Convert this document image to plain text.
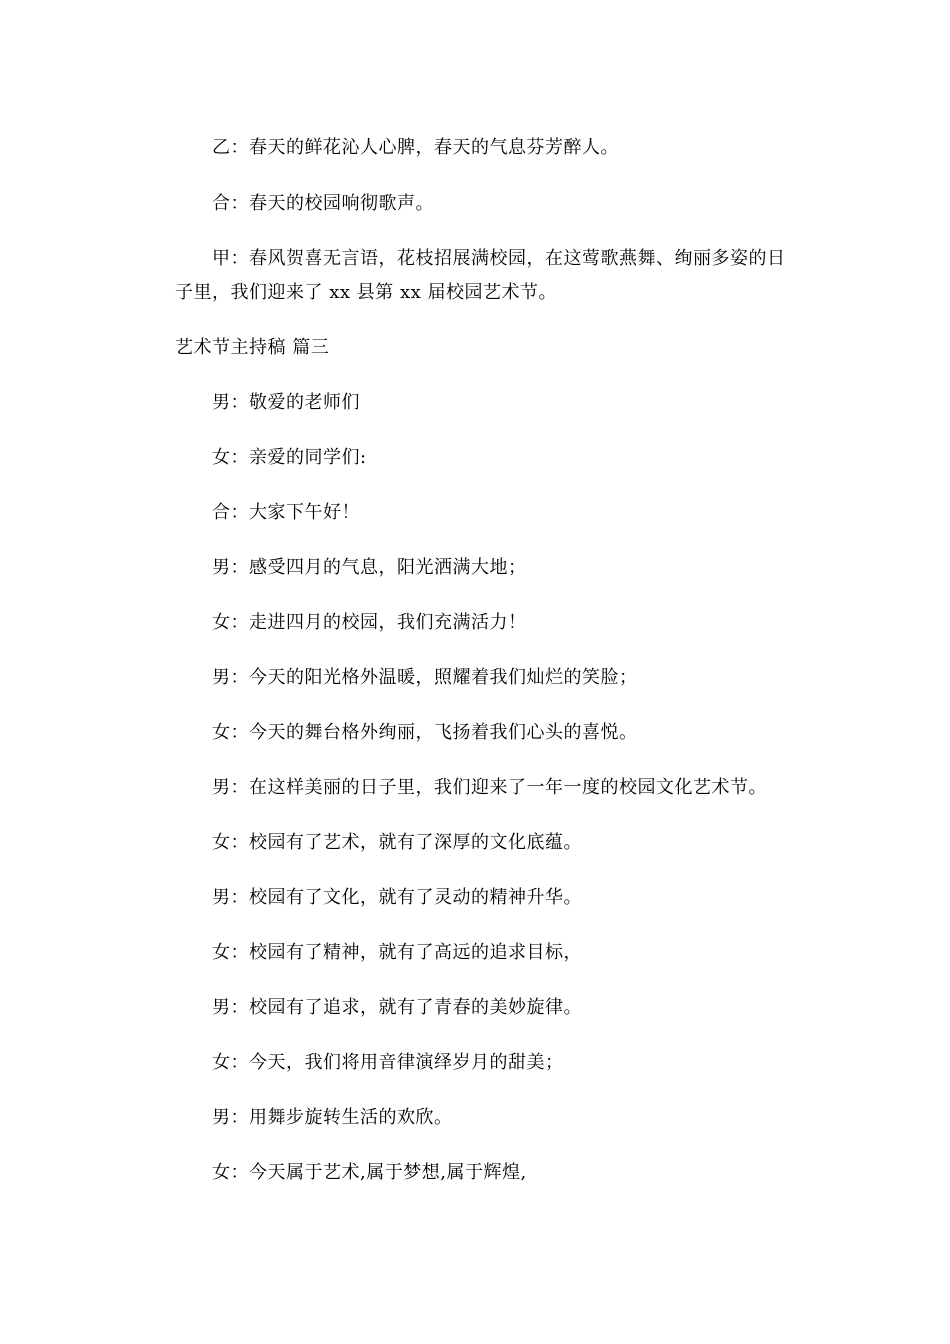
乙：春天的鲜花沁人心脾，春天的气息芬芳醉人。
合：春天的校园响彻歌声。
甲：春风贺喜无言语，花枝招展满校园，在这莺歌燕舞、绚丽多姿的日
子里，我们迎来了 xx 县第 xx 届校园艺术节。
艺术节主持稿 篇三
男：敬爱的老师们
女：亲爱的同学们:
合：大家下午好！
男：感受四月的气息，阳光洒满大地；
女：走进四月的校园，我们充满活力！
男：今天的阳光格外温暖，照耀着我们灿烂的笑脸；
女：今天的舞台格外绚丽，飞扬着我们心头的喜悦。
男：在这样美丽的日子里，我们迎来了一年一度的校园文化艺术节。
女：校园有了艺术，就有了深厚的文化底蕴。
男：校园有了文化，就有了灵动的精神升华。
女：校园有了精神，就有了高远的追求目标，
男：校园有了追求，就有了青春的美妙旋律。
女：今天，我们将用音律演绎岁月的甜美；
男：用舞步旋转生活的欢欣。
女：今天属于艺术,属于梦想,属于辉煌,
